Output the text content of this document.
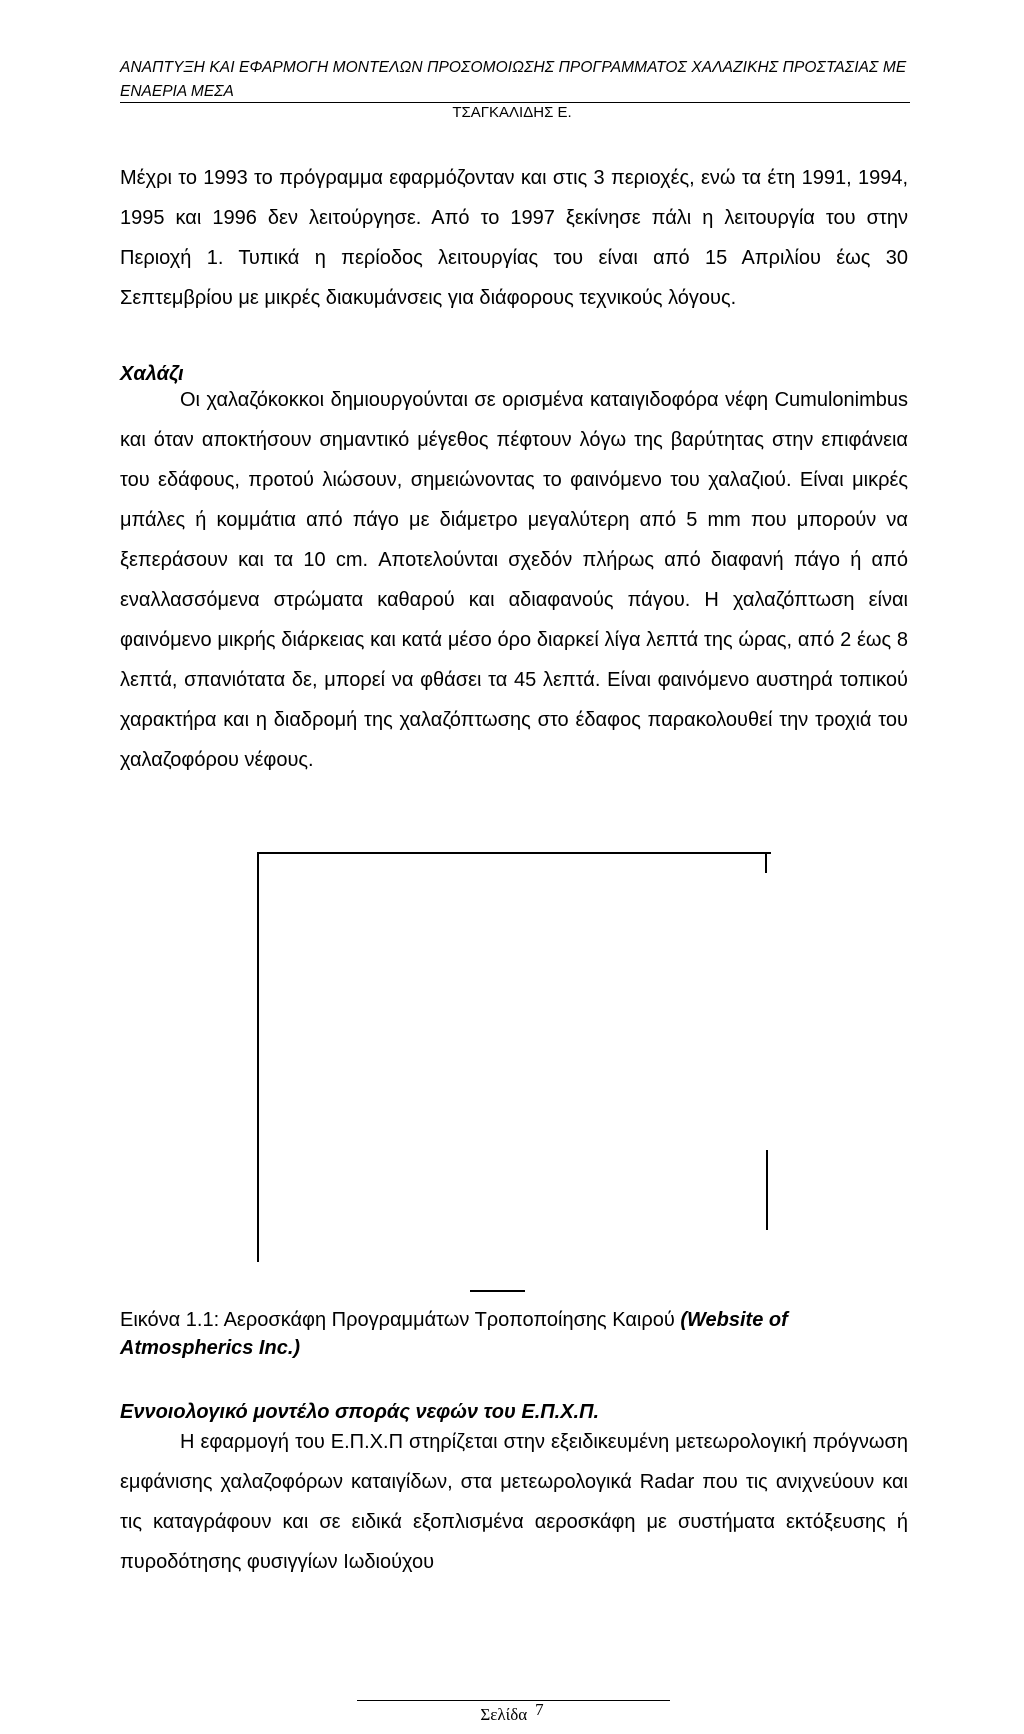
ΑΝΑΠΤΥΞΗ ΚΑΙ ΕΦΑΡΜΟΓΗ ΜΟΝΤΕΛΩΝ ΠΡΟΣΟΜΟΙΩΣΗΣ ΠΡΟΓΡΑΜΜΑΤΟΣ ΧΑΛΑΖΙΚΗΣ ΠΡΟΣΤΑΣΙΑΣ ΜΕ
ΕΝΑΕΡΙΑ ΜΕΣΑ
ΤΣΑΓΚΑΛΙΔΗΣ Ε.

Μέχρι το 1993 το πρόγραμμα εφαρμόζονταν και στις 3 περιοχές, ενώ τα έτη 1991, 1994, 1995 και 1996 δεν λειτούργησε. Από το 1997 ξεκίνησε πάλι η λειτουργία του στην Περιοχή 1. Τυπικά η περίοδος λειτουργίας του είναι από 15 Απριλίου έως 30 Σεπτεμβρίου με μικρές διακυμάνσεις για διάφορους τεχνικούς λόγους.

Χαλάζι

Οι χαλαζόκοκκοι δημιουργούνται σε ορισμένα καταιγιδοφόρα νέφη Cumulonimbus και όταν αποκτήσουν σημαντικό μέγεθος πέφτουν λόγω της βαρύτητας στην επιφάνεια του εδάφους, προτού λιώσουν, σημειώνοντας το φαινόμενο του χαλαζιού. Είναι μικρές μπάλες ή κομμάτια από πάγο με διάμετρο μεγαλύτερη από 5 mm που μπορούν να ξεπεράσουν και τα 10 cm. Αποτελούνται σχεδόν πλήρως από διαφανή πάγο ή από εναλλασσόμενα στρώματα καθαρού και αδιαφανούς πάγου. Η χαλαζόπτωση είναι φαινόμενο μικρής διάρκειας και κατά μέσο όρο διαρκεί λίγα λεπτά της ώρας, από 2 έως 8 λεπτά, σπανιότατα δε, μπορεί να φθάσει τα 45 λεπτά. Είναι φαινόμενο αυστηρά τοπικού χαρακτήρα και η διαδρομή της χαλαζόπτωσης στο έδαφος παρακολουθεί την τροχιά του χαλαζοφόρου νέφους.

Εικόνα 1.1: Αεροσκάφη Προγραμμάτων Τροποποίησης Καιρού (Website of Atmospherics Inc.)
Εννοιολογικό μοντέλο σποράς νεφών του Ε.Π.Χ.Π.

Η εφαρμογή του Ε.Π.Χ.Π στηρίζεται στην εξειδικευμένη μετεωρολογική πρόγνωση εμφάνισης χαλαζοφόρων καταιγίδων, στα μετεωρολογικά Radar που τις ανιχνεύουν και τις καταγράφουν και σε ειδικά εξοπλισμένα αεροσκάφη με συστήματα εκτόξευσης ή πυροδότησης φυσιγγίων Ιωδιούχου

Σελίδα 7
